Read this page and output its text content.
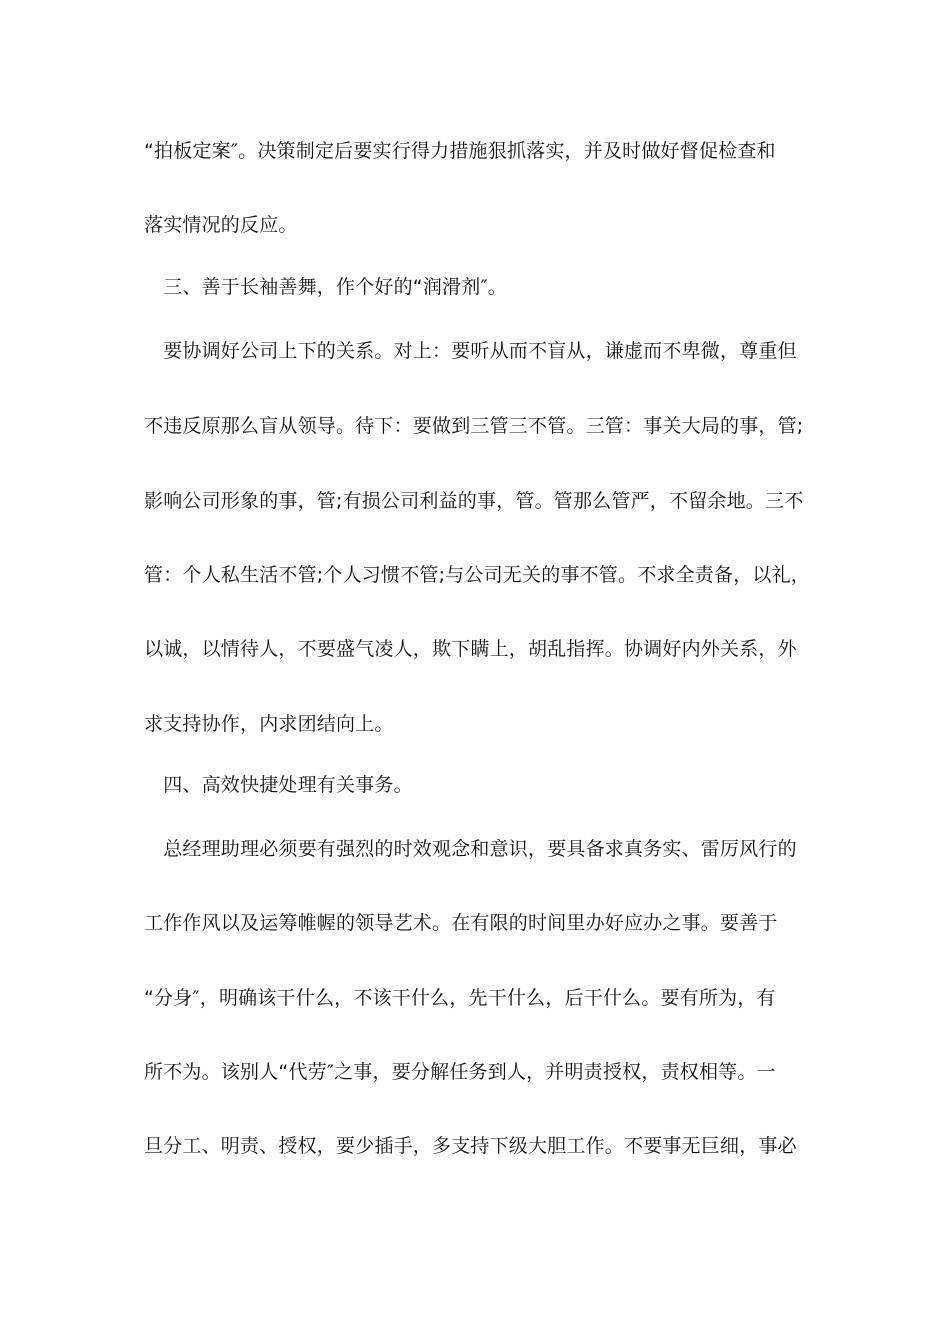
“拍板定案″。决策制定后要实行得力措施狠抓落实，并及时做好督促检查和
落实情况的反应。
　三、善于长袖善舞，作个好的“润滑剂″。
　要协调好公司上下的关系。对上：要听从而不盲从，谦虚而不卑微，尊重但
不违反原那么盲从领导。待下：要做到三管三不管。三管：事关大局的事，管;
影响公司形象的事，管;有损公司利益的事，管。管那么管严，不留余地。三不
管：个人私生活不管;个人习惯不管;与公司无关的事不管。不求全责备，以礼，
以诚，以情待人，不要盛气凌人，欺下瞒上，胡乱指挥。协调好内外关系，外
求支持协作，内求团结向上。
　四、高效快捷处理有关事务。
　总经理助理必须要有强烈的时效观念和意识，要具备求真务实、雷厉风行的
工作作风以及运筹帷幄的领导艺术。在有限的时间里办好应办之事。要善于
“分身″，明确该干什么，不该干什么，先干什么，后干什么。要有所为，有
所不为。该别人“代劳″之事，要分解任务到人，并明责授权，责权相等。一
旦分工、明责、授权，要少插手，多支持下级大胆工作。不要事无巨细，事必
